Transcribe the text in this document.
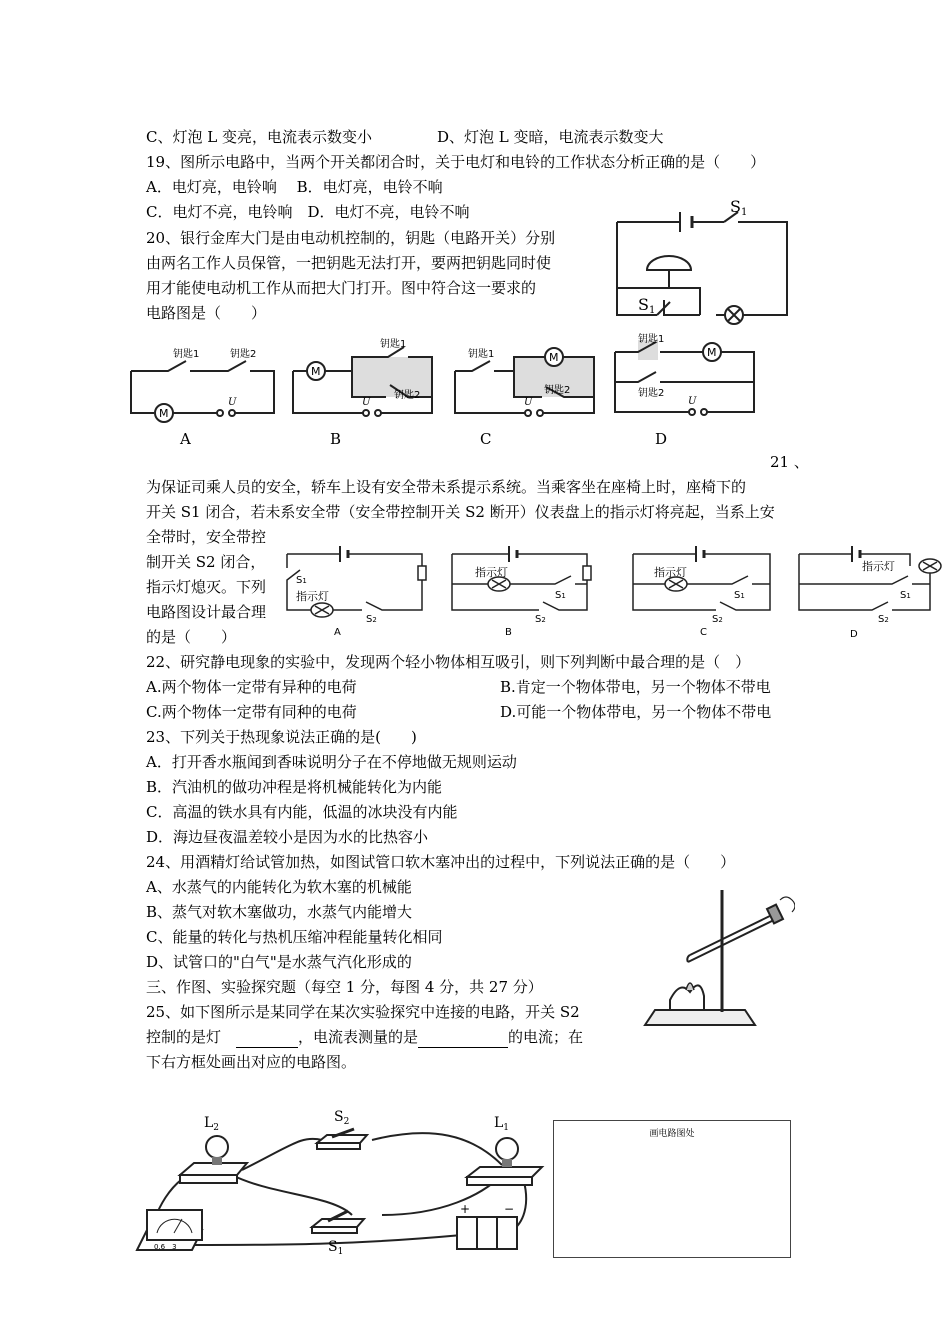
C、灯泡 L 变亮，电流表示数变小	D、灯泡 L 变暗，电流表示数变大
19、图所示电路中，当两个开关都闭合时，关于电灯和电铃的工作状态分析正确的是（　　）
A．电灯亮，电铃响　 B．电灯亮，电铃不响
C．电灯不亮，电铃响　D．电灯不亮，电铃不响
20、银行金库大门是由电动机控制的，钥匙（电路开关）分别
由两名工作人员保管，一把钥匙无法打开，要两把钥匙同时使
用才能使电动机工作从而把大门打开。图中符合这一要求的
电路图是（　　）
S1
S1
M
钥匙1	钥匙2
U
M
钥匙1
钥匙2
U
M
钥匙1
钥匙2
U
M
钥匙1
钥匙2
U
A	B	C	D
21 、
为保证司乘人员的安全，轿车上设有安全带未系提示系统。当乘客坐在座椅上时，座椅下的
开关 S1 闭合，若未系安全带（安全带控制开关 S2 断开）仪表盘上的指示灯将亮起，当系上安
全带时，安全带控
制开关 S2 闭合，
指示灯熄灭。下列
电路图设计最合理
的是（　　）
S1
指示灯
S2
A
指示灯
S1
S2
B
指示灯
S1
S2
C
指示灯
S1
S2
D
22、研究静电现象的实验中，发现两个轻小物体相互吸引，则下列判断中最合理的是（　）
A.两个物体一定带有异种的电荷	B.肯定一个物体带电，另一个物体不带电
C.两个物体一定带有同种的电荷	D.可能一个物体带电，另一个物体不带电
23、下列关于热现象说法正确的是(　　)
A．打开香水瓶闻到香味说明分子在不停地做无规则运动
B．汽油机的做功冲程是将机械能转化为内能
C．高温的铁水具有内能，低温的冰块没有内能
D．海边昼夜温差较小是因为水的比热容小
24、用酒精灯给试管加热，如图试管口软木塞冲出的过程中，下列说法正确的是（　　）
A、水蒸气的内能转化为软木塞的机械能
B、蒸气对软木塞做功，水蒸气内能增大
C、能量的转化与热机压缩冲程能量转化相同
D、试管口的"白气"是水蒸气汽化形成的
三、作图、实验探究题（每空 1 分，每图 4 分，共 27 分）
25、如下图所示是某同学在某次实验探究中连接的电路，开关 S2
控制的是灯　	，电流表测量的是	的电流；在
下右方框处画出对应的电路图。
$L_2$
$S_2$	$L_1$
$S_1$
0.6　3
+	−
画电路图处
